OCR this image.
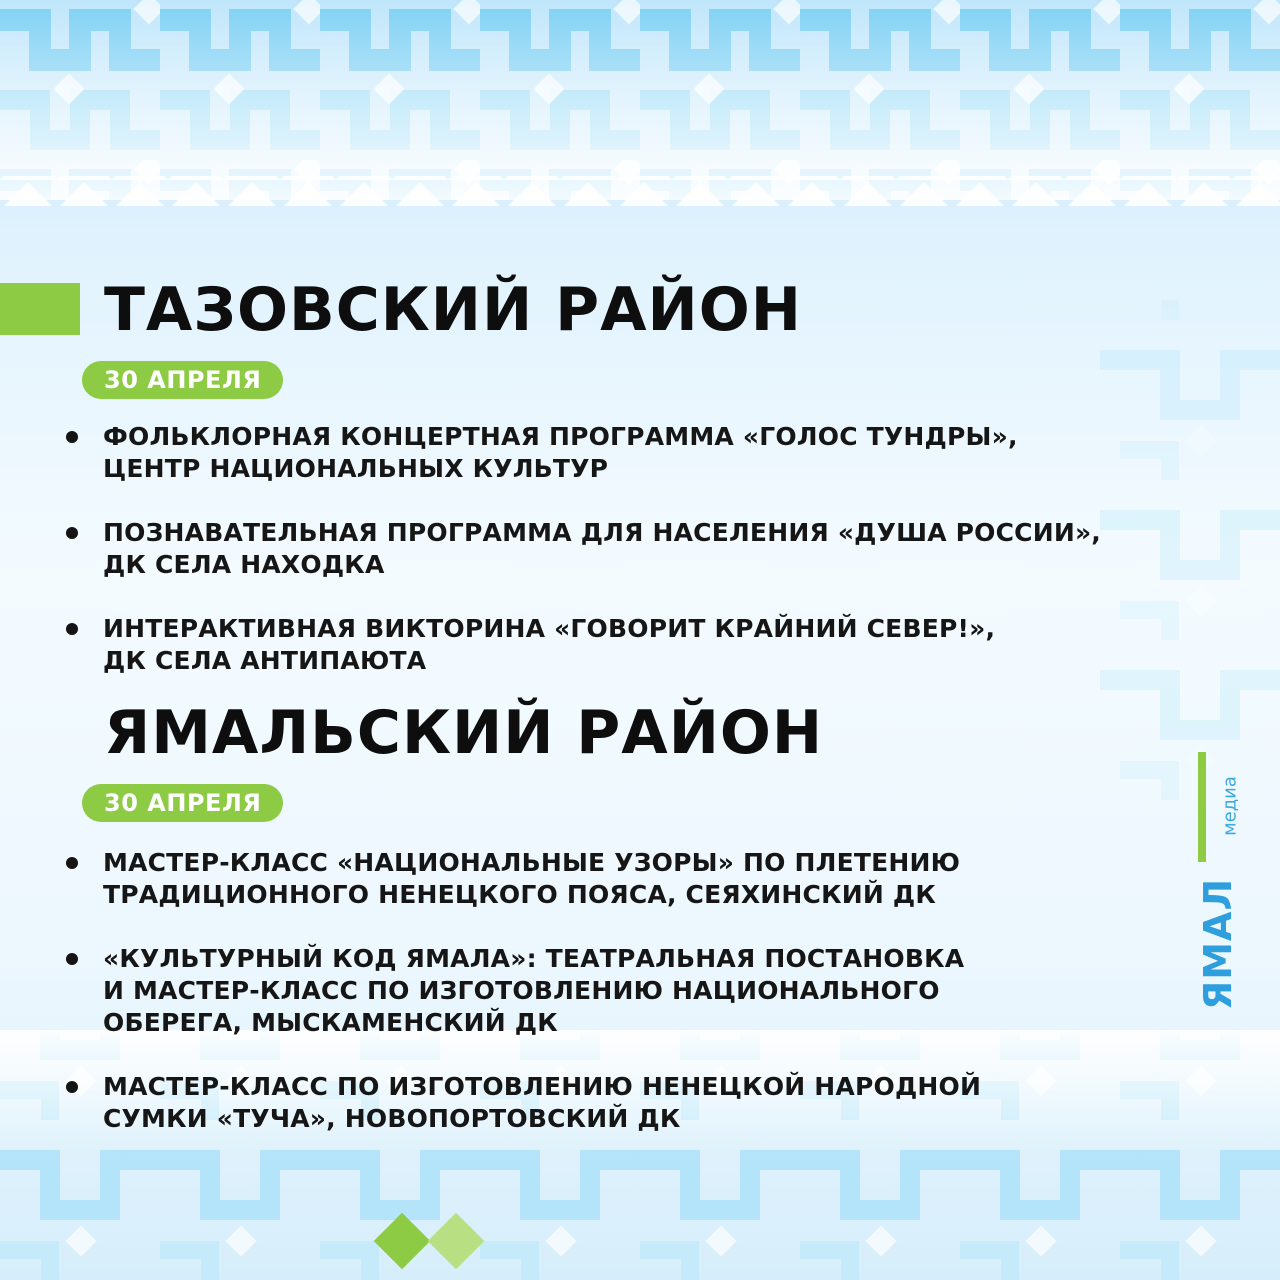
ТАЗОВСКИЙ РАЙОН
30 АПРЕЛЯ
ФОЛЬКЛОРНАЯ КОНЦЕРТНАЯ ПРОГРАММА «ГОЛОС ТУНДРЫ»,
ЦЕНТР НАЦИОНАЛЬНЫХ КУЛЬТУР
ПОЗНАВАТЕЛЬНАЯ ПРОГРАММА ДЛЯ НАСЕЛЕНИЯ «ДУША РОССИИ»,
ДК СЕЛА НАХОДКА
ИНТЕРАКТИВНАЯ ВИКТОРИНА «ГОВОРИТ КРАЙНИЙ СЕВЕР!»,
ДК СЕЛА АНТИПАЮТА
ЯМАЛЬСКИЙ РАЙОН
30 АПРЕЛЯ
МАСТЕР-КЛАСС «НАЦИОНАЛЬНЫЕ УЗОРЫ» ПО ПЛЕТЕНИЮ
ТРАДИЦИОННОГО НЕНЕЦКОГО ПОЯСА, СЕЯХИНСКИЙ ДК
«КУЛЬТУРНЫЙ КОД ЯМАЛА»: ТЕАТРАЛЬНАЯ ПОСТАНОВКА
И МАСТЕР-КЛАСС ПО ИЗГОТОВЛЕНИЮ НАЦИОНАЛЬНОГО
ОБЕРЕГА, МЫСКАМЕНСКИЙ ДК
МАСТЕР-КЛАСС ПО ИЗГОТОВЛЕНИЮ НЕНЕЦКОЙ НАРОДНОЙ
СУМКИ «ТУЧА», НОВОПОРТОВСКИЙ ДК
медиа
ЯМАЛ
